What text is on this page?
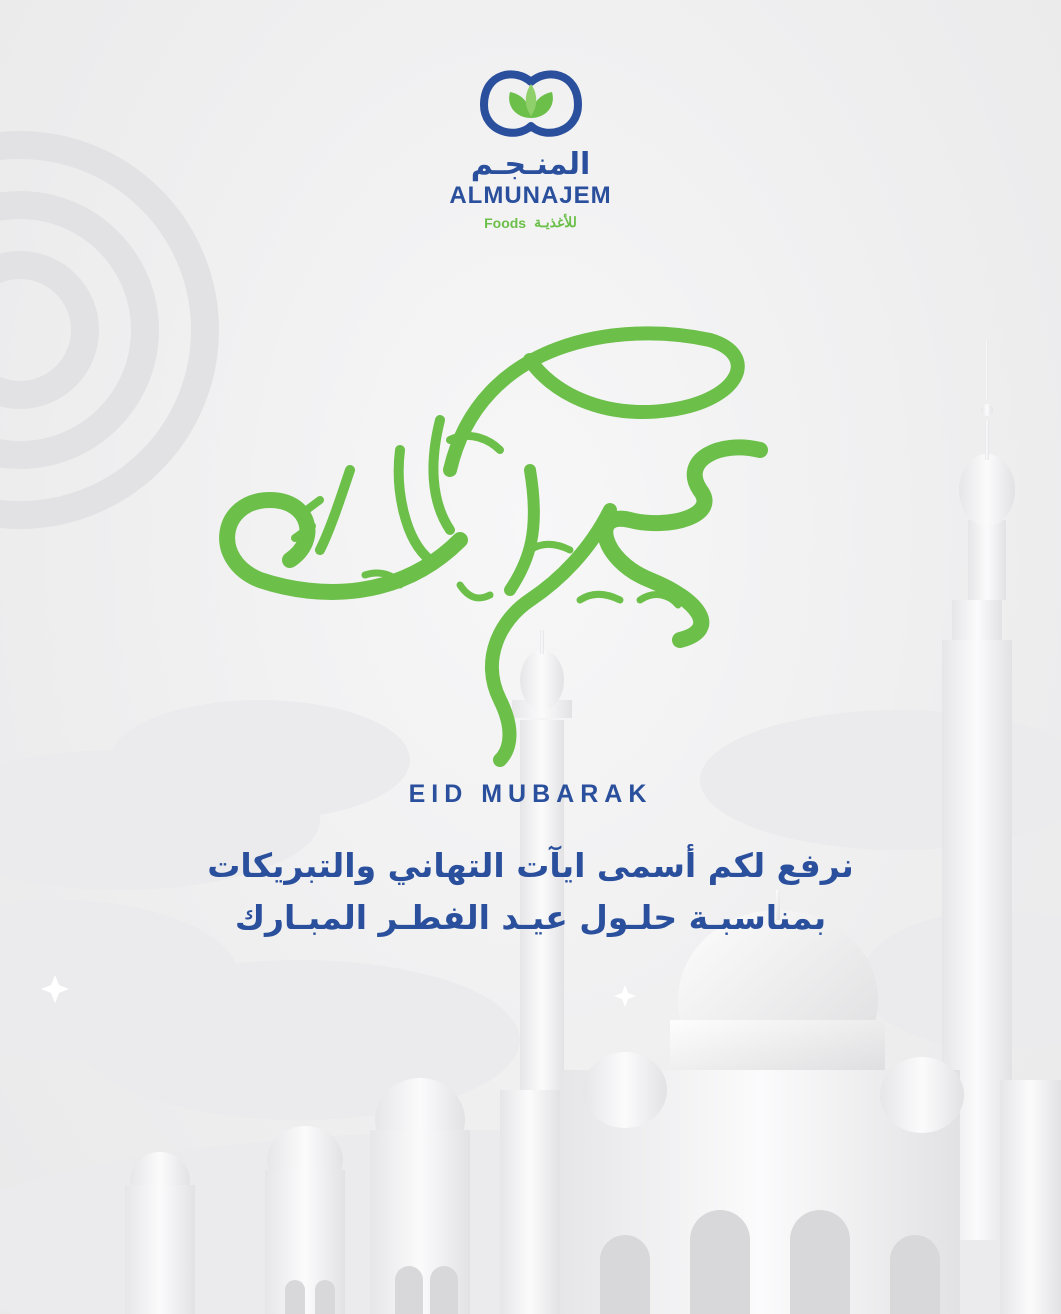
المنـجـم
ALMUNAJEM
Foods للأغذيـة
EID MUBARAK
نرفع لكم أسمى ايآت التهاني والتبريكات
بمناسبـة حلـول عيـد الفطـر المبـارك
